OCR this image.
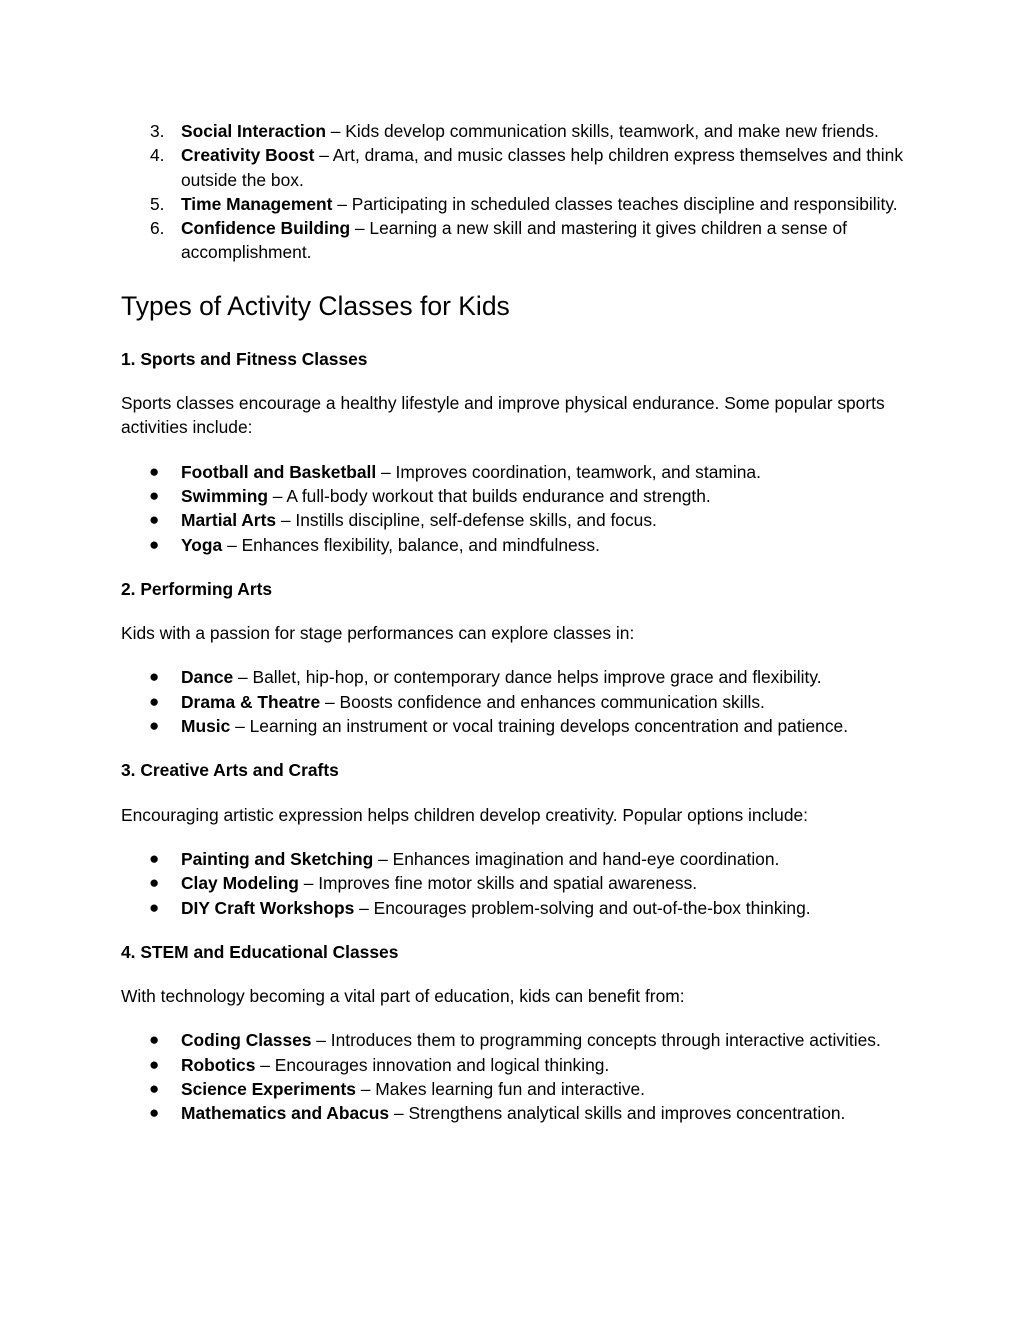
3. Social Interaction – Kids develop communication skills, teamwork, and make new friends.
4. Creativity Boost – Art, drama, and music classes help children express themselves and think outside the box.
5. Time Management – Participating in scheduled classes teaches discipline and responsibility.
6. Confidence Building – Learning a new skill and mastering it gives children a sense of accomplishment.
Types of Activity Classes for Kids
1. Sports and Fitness Classes

Sports classes encourage a healthy lifestyle and improve physical endurance. Some popular sports activities include:

● Football and Basketball – Improves coordination, teamwork, and stamina.
● Swimming – A full-body workout that builds endurance and strength.
● Martial Arts – Instills discipline, self-defense skills, and focus.
● Yoga – Enhances flexibility, balance, and mindfulness.
2. Performing Arts

Kids with a passion for stage performances can explore classes in:

● Dance – Ballet, hip-hop, or contemporary dance helps improve grace and flexibility.
● Drama & Theatre – Boosts confidence and enhances communication skills.
● Music – Learning an instrument or vocal training develops concentration and patience.
3. Creative Arts and Crafts

Encouraging artistic expression helps children develop creativity. Popular options include:

● Painting and Sketching – Enhances imagination and hand-eye coordination.
● Clay Modeling – Improves fine motor skills and spatial awareness.
● DIY Craft Workshops – Encourages problem-solving and out-of-the-box thinking.
4. STEM and Educational Classes

With technology becoming a vital part of education, kids can benefit from:

● Coding Classes – Introduces them to programming concepts through interactive activities.
● Robotics – Encourages innovation and logical thinking.
● Science Experiments – Makes learning fun and interactive.
● Mathematics and Abacus – Strengthens analytical skills and improves concentration.
